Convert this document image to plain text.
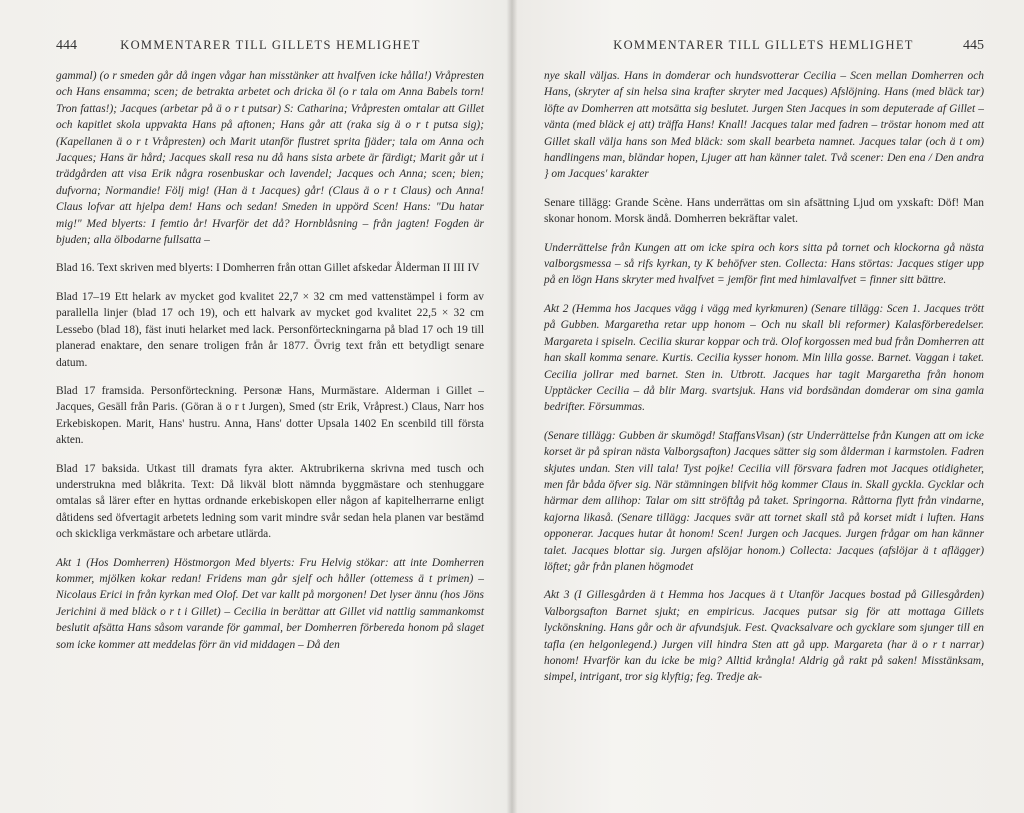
444	KOMMENTARER TILL GILLETS HEMLIGHET

gammal) (o r smeden går då ingen vågar han misstänker att hvalfven icke hålla!) Vråpresten och Hans ensamma; scen; de betrakta arbetet och dricka öl (o r tala om Anna Babels torn! Tron fattas!); Jacques (arbetar på ä o r t putsar) S: Catharina; Vråpresten omtalar att Gillet och kapitlet skola uppvakta Hans på aftonen; Hans går att (raka sig ä o r t putsa sig); (Kapellanen ä o r t Vråpresten) och Marit utanför flustret sprita fjäder; tala om Anna och Jacques; Hans är hård; Jacques skall resa nu då hans sista arbete är färdigt; Marit går ut i trädgården att visa Erik några rosenbuskar och lavendel; Jacques och Anna; scen; bien; dufvorna; Normandie! Följ mig! (Han ä t Jacques) går! (Claus ä o r t Claus) och Anna! Claus lofvar att hjelpa dem! Hans och sedan! Smeden in uppörd Scen! Hans: "Du hatar mig!" Med blyerts: I femtio år! Hvarför det då? Hornblåsning – från jagten! Fogden är bjuden; alla ölbodarne fullsatta –

Blad 16. Text skriven med blyerts: I Domherren från ottan Gillet afskedar Ålderman II III IV

Blad 17–19 Ett helark av mycket god kvalitet 22,7 × 32 cm med vattenstämpel i form av parallella linjer (blad 17 och 19), och ett halvark av mycket god kvalitet 22,5 × 32 cm Lessebo (blad 18), fäst inuti helarket med lack. Personförteckningarna på blad 17 och 19 till planerad enaktare, den senare troligen från år 1877. Övrig text från ett betydligt senare datum.

Blad 17 framsida. Personförteckning. Personæ Hans, Murmästare. Alderman i Gillet – Jacques, Gesäll från Paris. (Göran ä o r t Jurgen), Smed (str Erik, Vråprest.) Claus, Narr hos Erkebiskopen. Marit, Hans' hustru. Anna, Hans' dotter Upsala 1402 En scenbild till första akten.

Blad 17 baksida. Utkast till dramats fyra akter. Aktrubrikerna skrivna med tusch och understrukna med blåkrita. Text: Då likväl blott nämnda byggmästare och stenhuggare omtalas så lärer efter en hyttas ordnande erkebiskopen eller någon af kapitelherrarne enligt dåtidens sed öfvertagit arbetets ledning som varit mindre svår sedan hela planen var bestämd och skickliga verkmästare och arbetare utlärda.

Akt 1 (Hos Domherren) Höstmorgon Med blyerts: Fru Helvig stökar: att inte Domherren kommer, mjölken kokar redan! Fridens man går sjelf och håller (ottemess ä t primen) – Nicolaus Erici in från kyrkan med Olof. Det var kallt på morgonen! Det lyser ännu (hos Jöns Jerichini ä med bläck o r t i Gillet) – Cecilia in berättar att Gillet vid nattlig sammankomst beslutit afsätta Hans såsom varande för gammal, ber Domherren förbereda honom på slaget som icke kommer att meddelas förr än vid middagen – Då den

KOMMENTARER TILL GILLETS HEMLIGHET	445

nye skall väljas. Hans in domderar och hundsvotterar Cecilia – Scen mellan Domherren och Hans, (skryter af sin helsa sina krafter skryter med Jacques) Afslöjning. Hans (med bläck tar) löfte av Domherren att motsätta sig beslutet. Jurgen Sten Jacques in som deputerade af Gillet – vänta (med bläck ej att) träffa Hans! Knall! Jacques talar med fadren – tröstar honom med att Gillet skall välja hans son Med bläck: som skall bearbeta namnet. Jacques talar (och ä t om) handlingens man, bländar hopen, Ljuger att han känner talet. Två scener: Den ena / Den andra } om Jacques' karakter

Senare tillägg: Grande Scène. Hans underrättas om sin afsättning Ljud om yxskaft: Döf! Man skonar honom. Morsk ändå. Domherren bekräftar valet.

Underrättelse från Kungen att om icke spira och kors sitta på tornet och klockorna gå nästa valborgsmessa – så rifs kyrkan, ty K behöfver sten. Collecta: Hans störtas: Jacques stiger upp på en lögn Hans skryter med hvalfvet = jemför fint med himlavalfvet = finner sitt bättre.

Akt 2 (Hemma hos Jacques vägg i vägg med kyrkmuren) (Senare tillägg: Scen 1. Jacques trött på Gubben. Margaretha retar upp honom – Och nu skall bli reformer) Kalasförberedelser. Margareta i spiseln. Cecilia skurar koppar och trä. Olof korgossen med bud från Domherren att han skall komma senare. Kurtis. Cecilia kysser honom. Min lilla gosse. Barnet. Vaggan i taket. Cecilia jollrar med barnet. Sten in. Utbrott. Jacques har tagit Margaretha från honom Upptäcker Cecilia – då blir Marg. svartsjuk. Hans vid bordsändan domderar om sina gamla bedrifter. Försummas.

(Senare tillägg: Gubben är skumögd! StaffansVisan) (str Underrättelse från Kungen att om icke korset är på spiran nästa Valborgsafton) Jacques sätter sig som ålderman i karmstolen. Fadren skjutes undan. Sten vill tala! Tyst pojke! Cecilia vill försvara fadren mot Jacques otidigheter, men får båda öfver sig. När stämningen blifvit hög kommer Claus in. Skall gyckla. Gycklar och härmar dem allihop: Talar om sitt ströftåg på taket. Springorna. Råttorna flytt från vindarne, kajorna likaså. (Senare tillägg: Jacques svär att tornet skall stå på korset midt i luften. Hans opponerar. Jacques hutar åt honom! Scen! Jurgen och Jacques. Jurgen frågar om han känner talet. Jacques blottar sig. Jurgen afslöjar honom.) Collecta: Jacques (afslöjar ä t aflägger) löftet; går från planen högmodet

Akt 3 (I Gillesgården ä t Hemma hos Jacques ä t Utanför Jacques bostad på Gillesgården) Valborgsafton Barnet sjukt; en empiricus. Jacques putsar sig för att mottaga Gillets lyckönskning. Hans går och är afvundsjuk. Fest. Qvacksalvare och gycklare som sjunger till en tafla (en helgonlegend.) Jurgen vill hindra Sten att gå upp. Margareta (har ä o r t narrar) honom! Hvarför kan du icke be mig? Alltid krångla! Aldrig gå rakt på saken! Misstänksam, simpel, intrigant, tror sig klyftig; feg. Tredje ak-
